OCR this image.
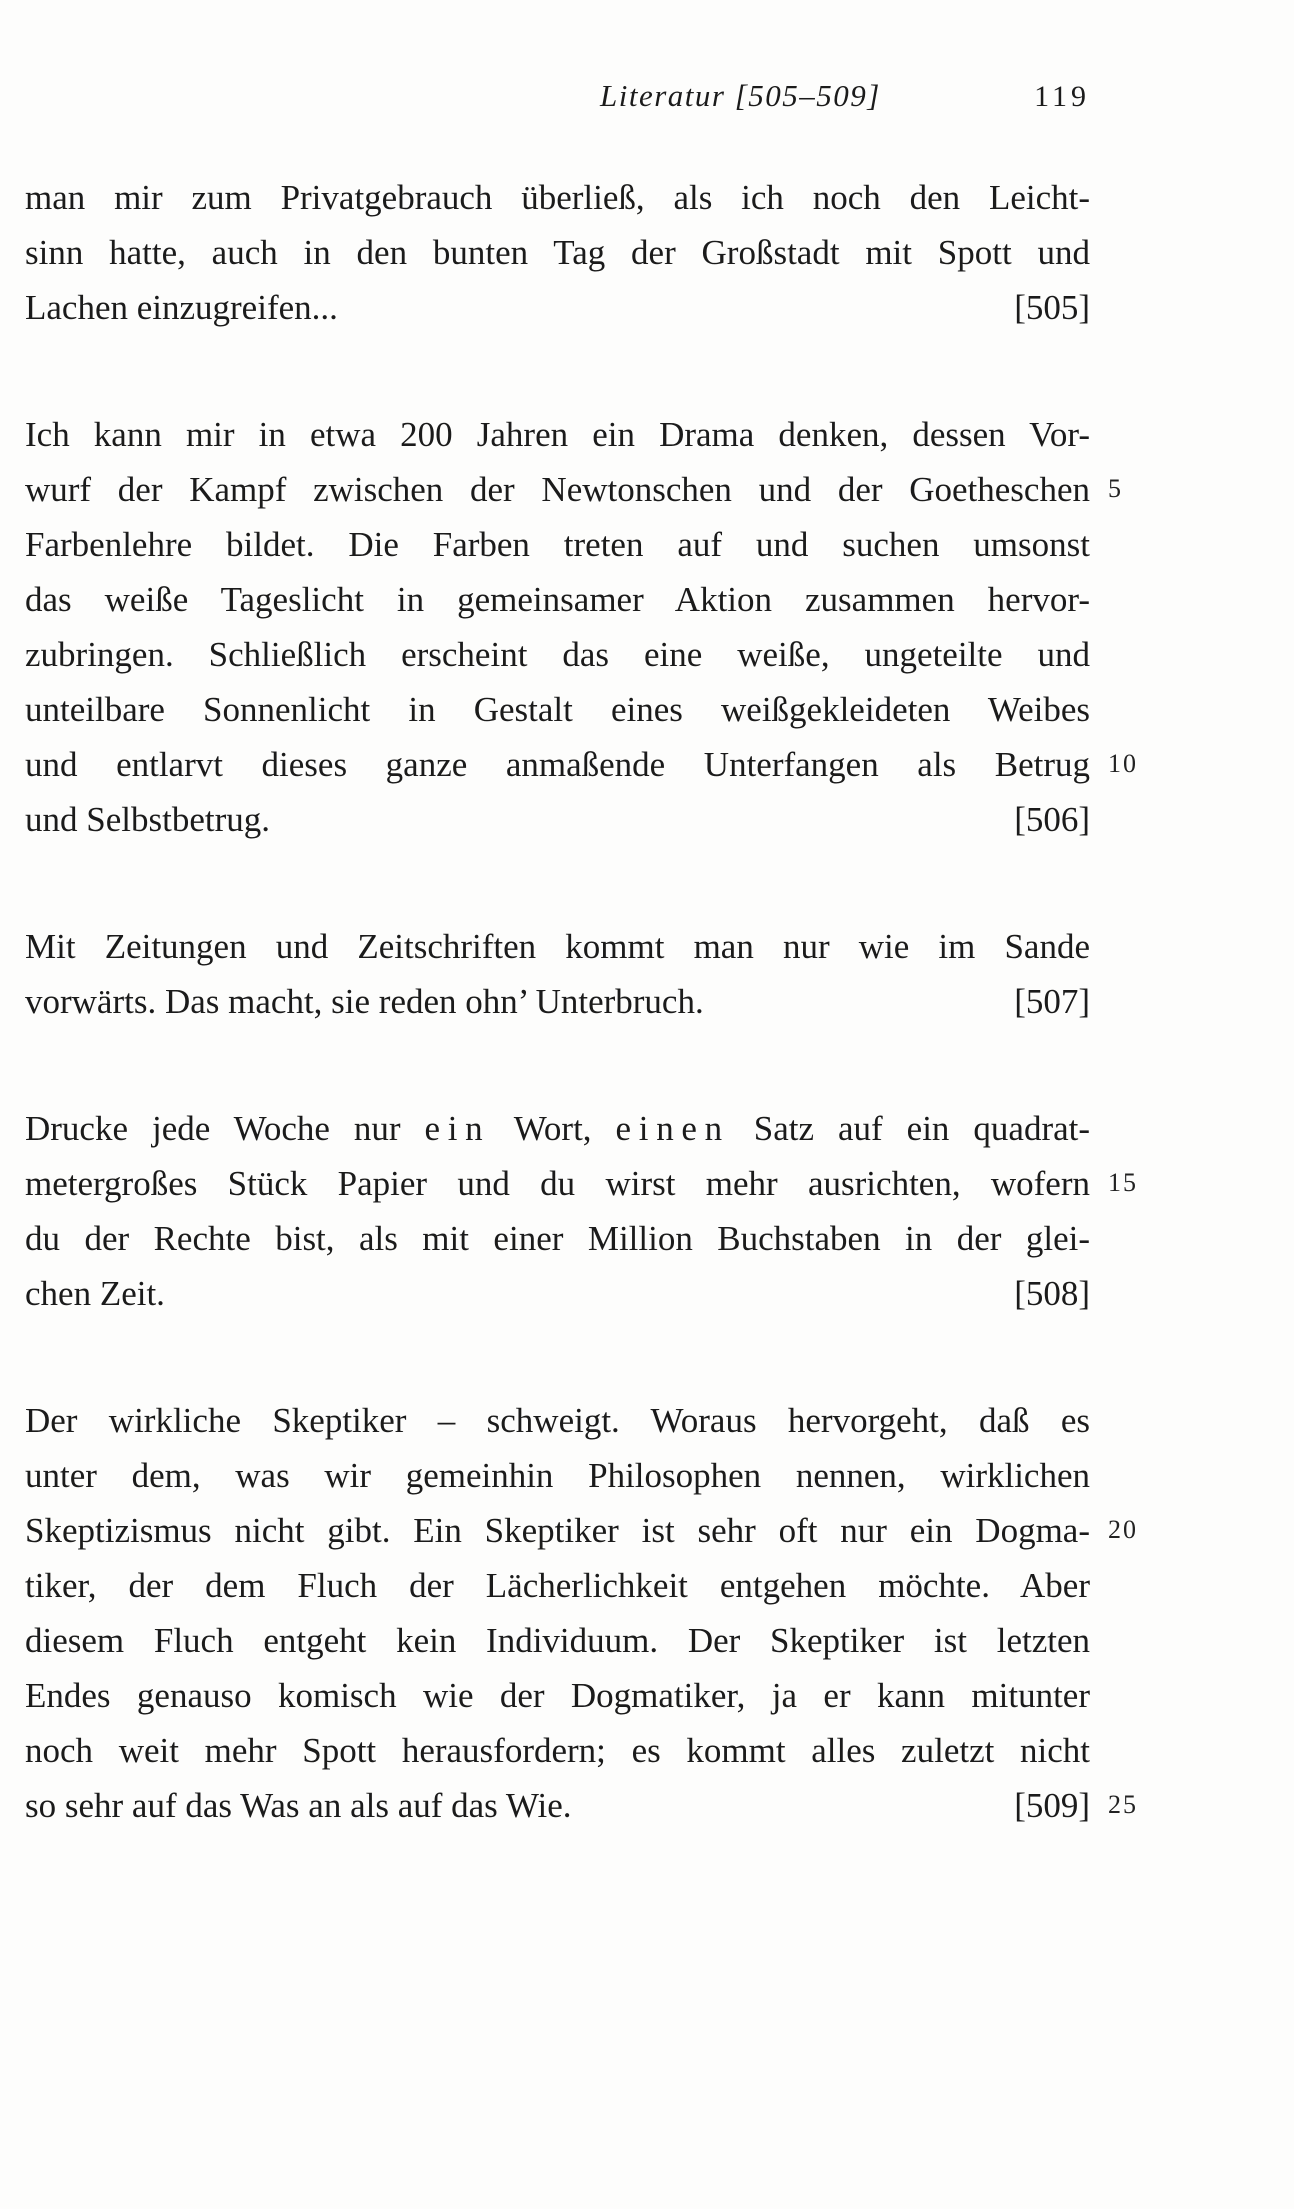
Literatur [505–509]	119
man mir zum Privatgebrauch überließ, als ich noch den Leicht-
sinn hatte, auch in den bunten Tag der Großstadt mit Spott und
Lachen einzugreifen...	[505]
Ich kann mir in etwa 200 Jahren ein Drama denken, dessen Vor-
wurf der Kampf zwischen der Newtonschen und der Goetheschen 5
Farbenlehre bildet. Die Farben treten auf und suchen umsonst
das weiße Tageslicht in gemeinsamer Aktion zusammen hervor-
zubringen. Schließlich erscheint das eine weiße, ungeteilte und
unteilbare Sonnenlicht in Gestalt eines weißgekleideten Weibes
und entlarvt dieses ganze anmaßende Unterfangen als Betrug 10
und Selbstbetrug.	[506]
Mit Zeitungen und Zeitschriften kommt man nur wie im Sande
vorwärts. Das macht, sie reden ohn’ Unterbruch.	[507]
Drucke jede Woche nur ein Wort, einen Satz auf ein quadrat-
metergroßes Stück Papier und du wirst mehr ausrichten, wofern 15
du der Rechte bist, als mit einer Million Buchstaben in der glei-
chen Zeit.	[508]
Der wirkliche Skeptiker – schweigt. Woraus hervorgeht, daß es
unter dem, was wir gemeinhin Philosophen nennen, wirklichen
Skeptizismus nicht gibt. Ein Skeptiker ist sehr oft nur ein Dogma- 20
tiker, der dem Fluch der Lächerlichkeit entgehen möchte. Aber
diesem Fluch entgeht kein Individuum. Der Skeptiker ist letzten
Endes genauso komisch wie der Dogmatiker, ja er kann mitunter
noch weit mehr Spott herausfordern; es kommt alles zuletzt nicht
so sehr auf das Was an als auf das Wie.	[509] 25
